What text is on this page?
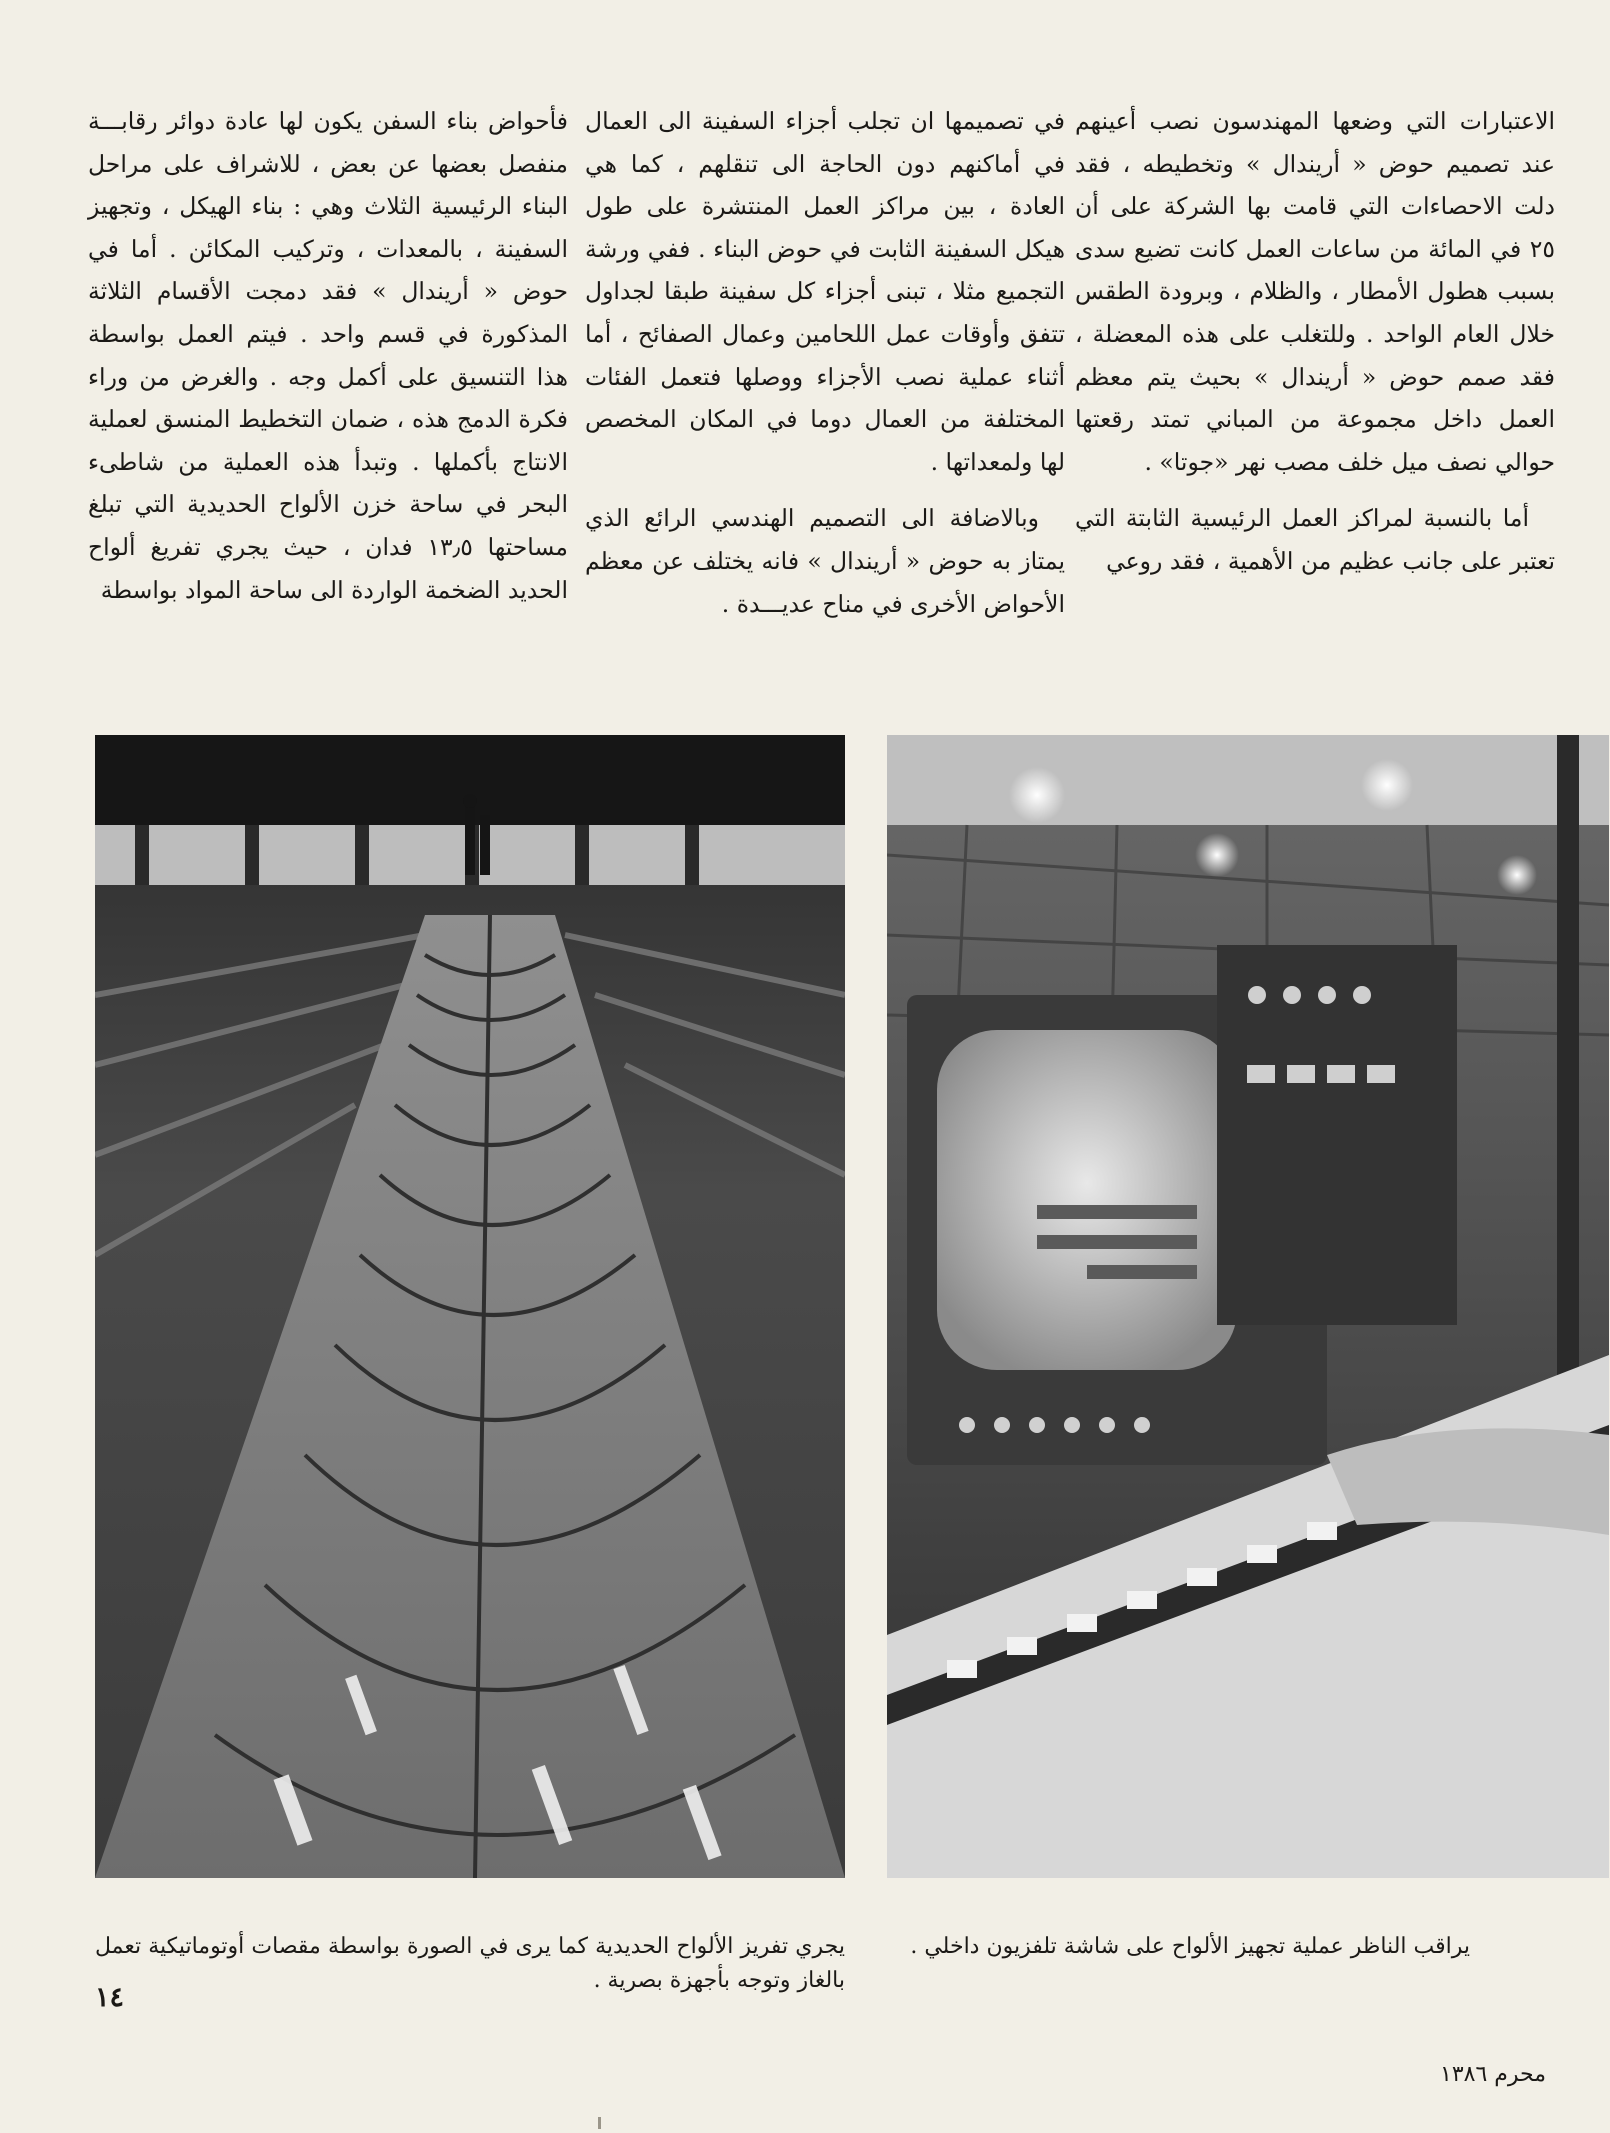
الاعتبارات التي وضعها المهندسون نصب أعينهم عند تصميم حوض « أريندال » وتخطيطه ، فقد دلت الاحصاءات التي قامت بها الشركة على أن ٢٥ في المائة من ساعات العمل كانت تضيع سدى بسبب هطول الأمطار ، والظلام ، وبرودة الطقس خلال العام الواحد . وللتغلب على هذه المعضلة ، فقد صمم حوض « أريندال » بحيث يتم معظم العمل داخل مجموعة من المباني تمتد رقعتها حوالي نصف ميل خلف مصب نهر «جوتا» .

أما بالنسبة لمراكز العمل الرئيسية الثابتة التي تعتبر على جانب عظيم من الأهمية ، فقد روعي

في تصميمها ان تجلب أجزاء السفينة الى العمال في أماكنهم دون الحاجة الى تنقلهم ، كما هي العادة ، بين مراكز العمل المنتشرة على طول هيكل السفينة الثابت في حوض البناء . ففي ورشة التجميع مثلا ، تبنى أجزاء كل سفينة طبقا لجداول تتفق وأوقات عمل اللحامين وعمال الصفائح ، أما أثناء عملية نصب الأجزاء ووصلها فتعمل الفئات المختلفة من العمال دوما في المكان المخصص لها ولمعداتها .

وبالاضافة الى التصميم الهندسي الرائع الذي يمتاز به حوض « أريندال » فانه يختلف عن معظم الأحواض الأخرى في مناح عديـــدة .

فأحواض بناء السفن يكون لها عادة دوائر رقابـــة منفصل بعضها عن بعض ، للاشراف على مراحل البناء الرئيسية الثلاث وهي : بناء الهيكل ، وتجهيز السفينة ، بالمعدات ، وتركيب المكائن . أما في حوض « أريندال » فقد دمجت الأقسام الثلاثة المذكورة في قسم واحد . فيتم العمل بواسطة هذا التنسيق على أكمل وجه . والغرض من وراء فكرة الدمج هذه ، ضمان التخطيط المنسق لعملية الانتاج بأكملها . وتبدأ هذه العملية من شاطىء البحر في ساحة خزن الألواح الحديدية التي تبلغ مساحتها ١٣٫٥ فدان ، حيث يجري تفريغ ألواح الحديد الضخمة الواردة الى ساحة المواد بواسطة

يراقب الناظر عملية تجهيز الألواح على شاشة تلفزيون داخلي .
يجري تفريز الألواح الحديدية كما يرى في الصورة بواسطة مقصات أوتوماتيكية تعمل بالغاز وتوجه بأجهزة بصرية .
١٤
محرم ١٣٨٦
